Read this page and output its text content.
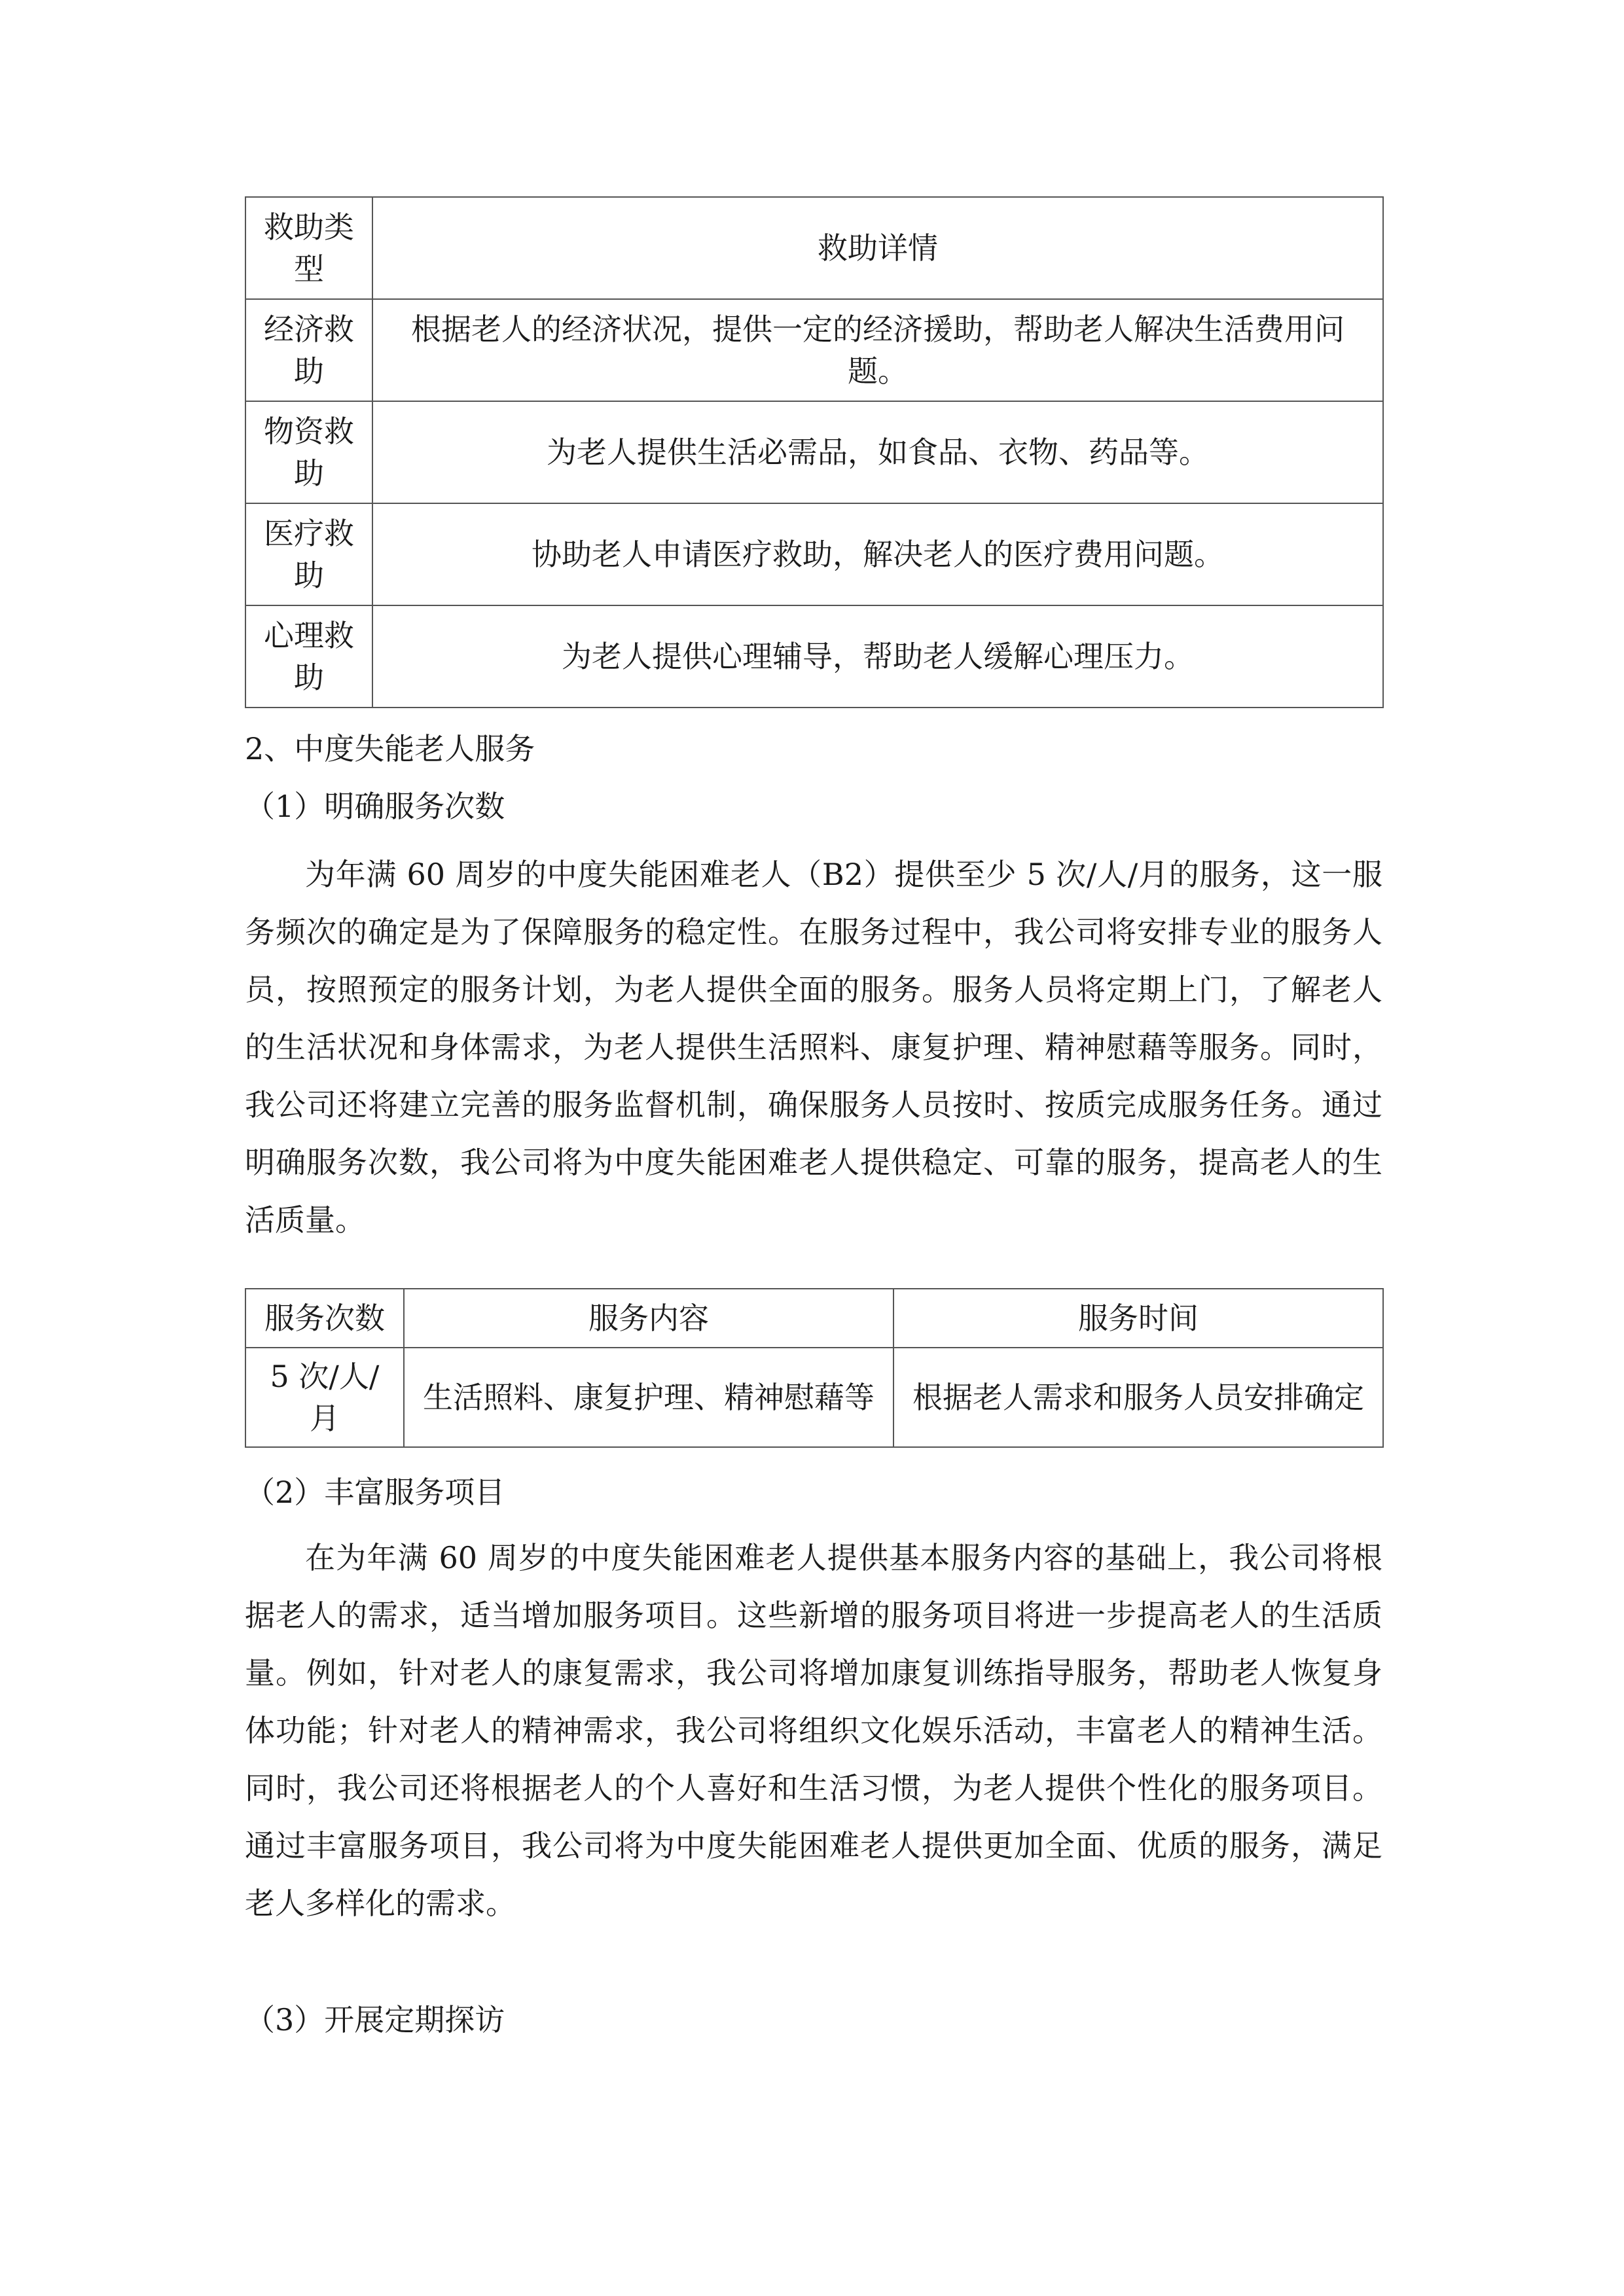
救助类型	救助详情
经济救助	根据老人的经济状况，提供一定的经济援助，帮助老人解决生活费用问题。
物资救助	为老人提供生活必需品，如食品、衣物、药品等。
医疗救助	协助老人申请医疗救助，解决老人的医疗费用问题。
心理救助	为老人提供心理辅导，帮助老人缓解心理压力。
2、中度失能老人服务
（1）明确服务次数

为年满 60 周岁的中度失能困难老人（B2）提供至少 5 次/人/月的服务，这一服务频次的确定是为了保障服务的稳定性。在服务过程中，我公司将安排专业的服务人员，按照预定的服务计划，为老人提供全面的服务。服务人员将定期上门，了解老人的生活状况和身体需求，为老人提供生活照料、康复护理、精神慰藉等服务。同时，我公司还将建立完善的服务监督机制，确保服务人员按时、按质完成服务任务。通过明确服务次数，我公司将为中度失能困难老人提供稳定、可靠的服务，提高老人的生活质量。

服务次数	服务内容	服务时间
5 次/人/月	生活照料、康复护理、精神慰藉等	根据老人需求和服务人员安排确定
（2）丰富服务项目

在为年满 60 周岁的中度失能困难老人提供基本服务内容的基础上，我公司将根据老人的需求，适当增加服务项目。这些新增的服务项目将进一步提高老人的生活质量。例如，针对老人的康复需求，我公司将增加康复训练指导服务，帮助老人恢复身体功能；针对老人的精神需求，我公司将组织文化娱乐活动，丰富老人的精神生活。同时，我公司还将根据老人的个人喜好和生活习惯，为老人提供个性化的服务项目。通过丰富服务项目，我公司将为中度失能困难老人提供更加全面、优质的服务，满足老人多样化的需求。

（3）开展定期探访
